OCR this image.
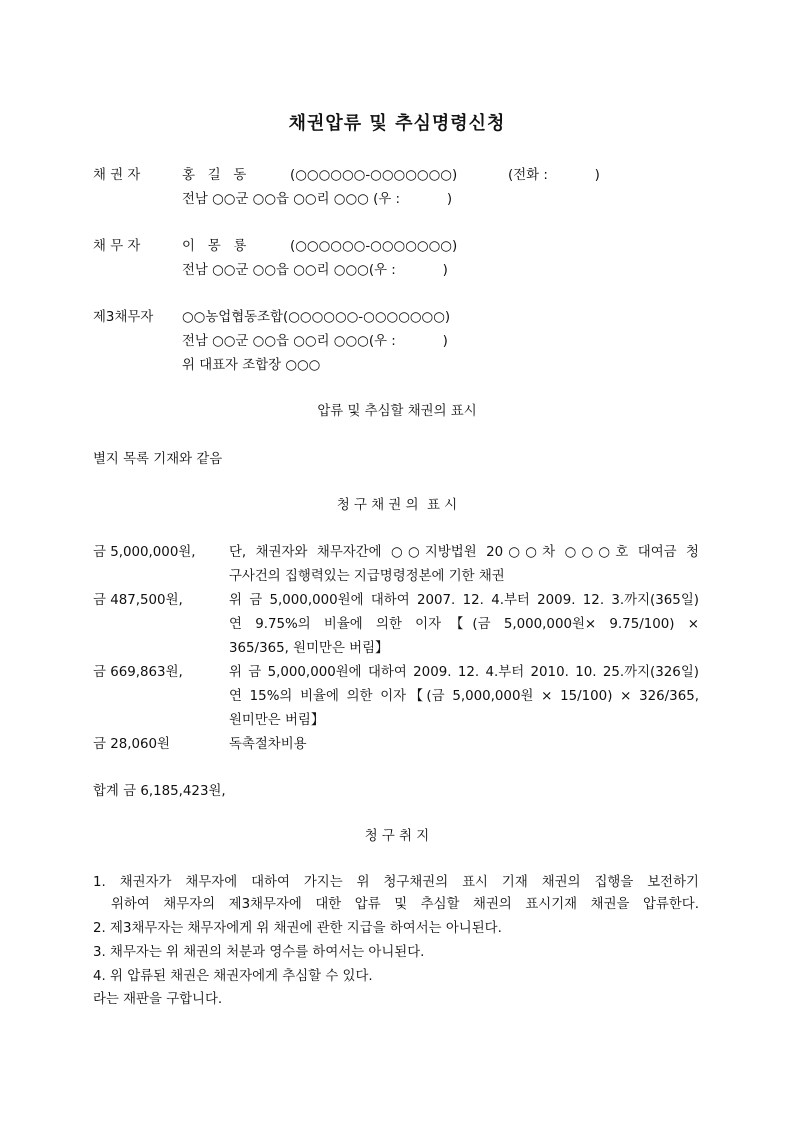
채권압류 및 추심명령신청
채 권 자	홍   길   동	(○○○○○○-○○○○○○○)	(전화 :           )
전남 ○○군 ○○읍 ○○리 ○○○ (우 :           )
채 무 자	이   몽   룡	(○○○○○○-○○○○○○○)
전남 ○○군 ○○읍 ○○리 ○○○(우 :           )
제3채무자 ○○농업협동조합(○○○○○○-○○○○○○○)
전남 ○○군 ○○읍 ○○리 ○○○(우 :           )
위 대표자 조합장 ○○○
압류 및 추심할 채권의 표시
별지 목록 기재와 같음
청 구 채 권 의  표 시
금 5,000,000원, 단, 채권자와 채무자간에 ○○지방법원 20○○차 ○○○호 대여금 청
구사건의 집행력있는 지급명령정본에 기한 채권
금 487,500원,	위 금 5,000,000원에 대하여 2007. 12. 4.부터 2009. 12. 3.까지(365일)
연 9.75%의 비율에 의한 이자【(금 5,000,000원× 9.75/100) ×
365/365, 원미만은 버림】
금 669,863원,	위 금 5,000,000원에 대하여 2009. 12. 4.부터 2010. 10. 25.까지(326일)
연 15%의 비율에 의한 이자【(금 5,000,000원 × 15/100) × 326/365,
원미만은 버림】
금 28,060원	독촉절차비용
합계 금 6,185,423원,
청 구 취 지
1. 채권자가 채무자에 대하여 가지는 위 청구채권의 표시 기재 채권의 집행을 보전하기
위하여 채무자의 제3채무자에 대한 압류 및 추심할 채권의 표시기재 채권을 압류한다.
2. 제3채무자는 채무자에게 위 채권에 관한 지급을 하여서는 아니된다.
3. 채무자는 위 채권의 처분과 영수를 하여서는 아니된다.
4. 위 압류된 채권은 채권자에게 추심할 수 있다.
라는 재판을 구합니다.
